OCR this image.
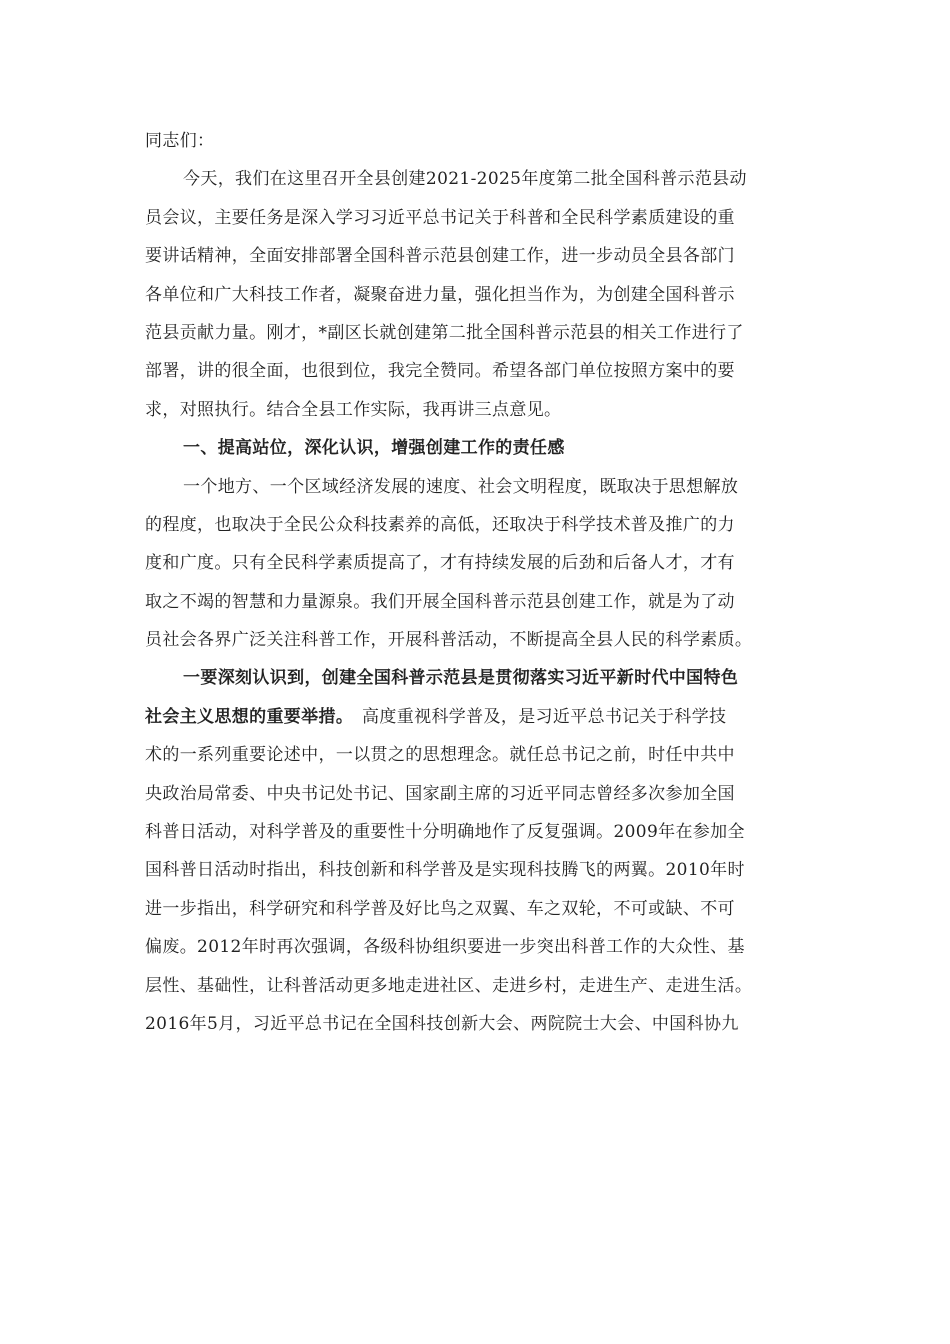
同志们：
今天，我们在这里召开全县创建2021-2025年度第二批全国科普示范县动
员会议，主要任务是深入学习习近平总书记关于科普和全民科学素质建设的重
要讲话精神，全面安排部署全国科普示范县创建工作，进一步动员全县各部门
各单位和广大科技工作者，凝聚奋进力量，强化担当作为，为创建全国科普示
范县贡献力量。刚才，*副区长就创建第二批全国科普示范县的相关工作进行了
部署，讲的很全面，也很到位，我完全赞同。希望各部门单位按照方案中的要
求，对照执行。结合全县工作实际，我再讲三点意见。
一、提高站位，深化认识，增强创建工作的责任感
一个地方、一个区域经济发展的速度、社会文明程度，既取决于思想解放
的程度，也取决于全民公众科技素养的高低，还取决于科学技术普及推广的力
度和广度。只有全民科学素质提高了，才有持续发展的后劲和后备人才，才有
取之不竭的智慧和力量源泉。我们开展全国科普示范县创建工作，就是为了动
员社会各界广泛关注科普工作，开展科普活动，不断提高全县人民的科学素质。
一要深刻认识到，创建全国科普示范县是贯彻落实习近平新时代中国特色
社会主义思想的重要举措。　高度重视科学普及，是习近平总书记关于科学技
术的一系列重要论述中，一以贯之的思想理念。就任总书记之前，时任中共中
央政治局常委、中央书记处书记、国家副主席的习近平同志曾经多次参加全国
科普日活动，对科学普及的重要性十分明确地作了反复强调。2009年在参加全
国科普日活动时指出，科技创新和科学普及是实现科技腾飞的两翼。2010年时
进一步指出，科学研究和科学普及好比鸟之双翼、车之双轮，不可或缺、不可
偏废。2012年时再次强调，各级科协组织要进一步突出科普工作的大众性、基
层性、基础性，让科普活动更多地走进社区、走进乡村，走进生产、走进生活。
2016年5月，习近平总书记在全国科技创新大会、两院院士大会、中国科协九
